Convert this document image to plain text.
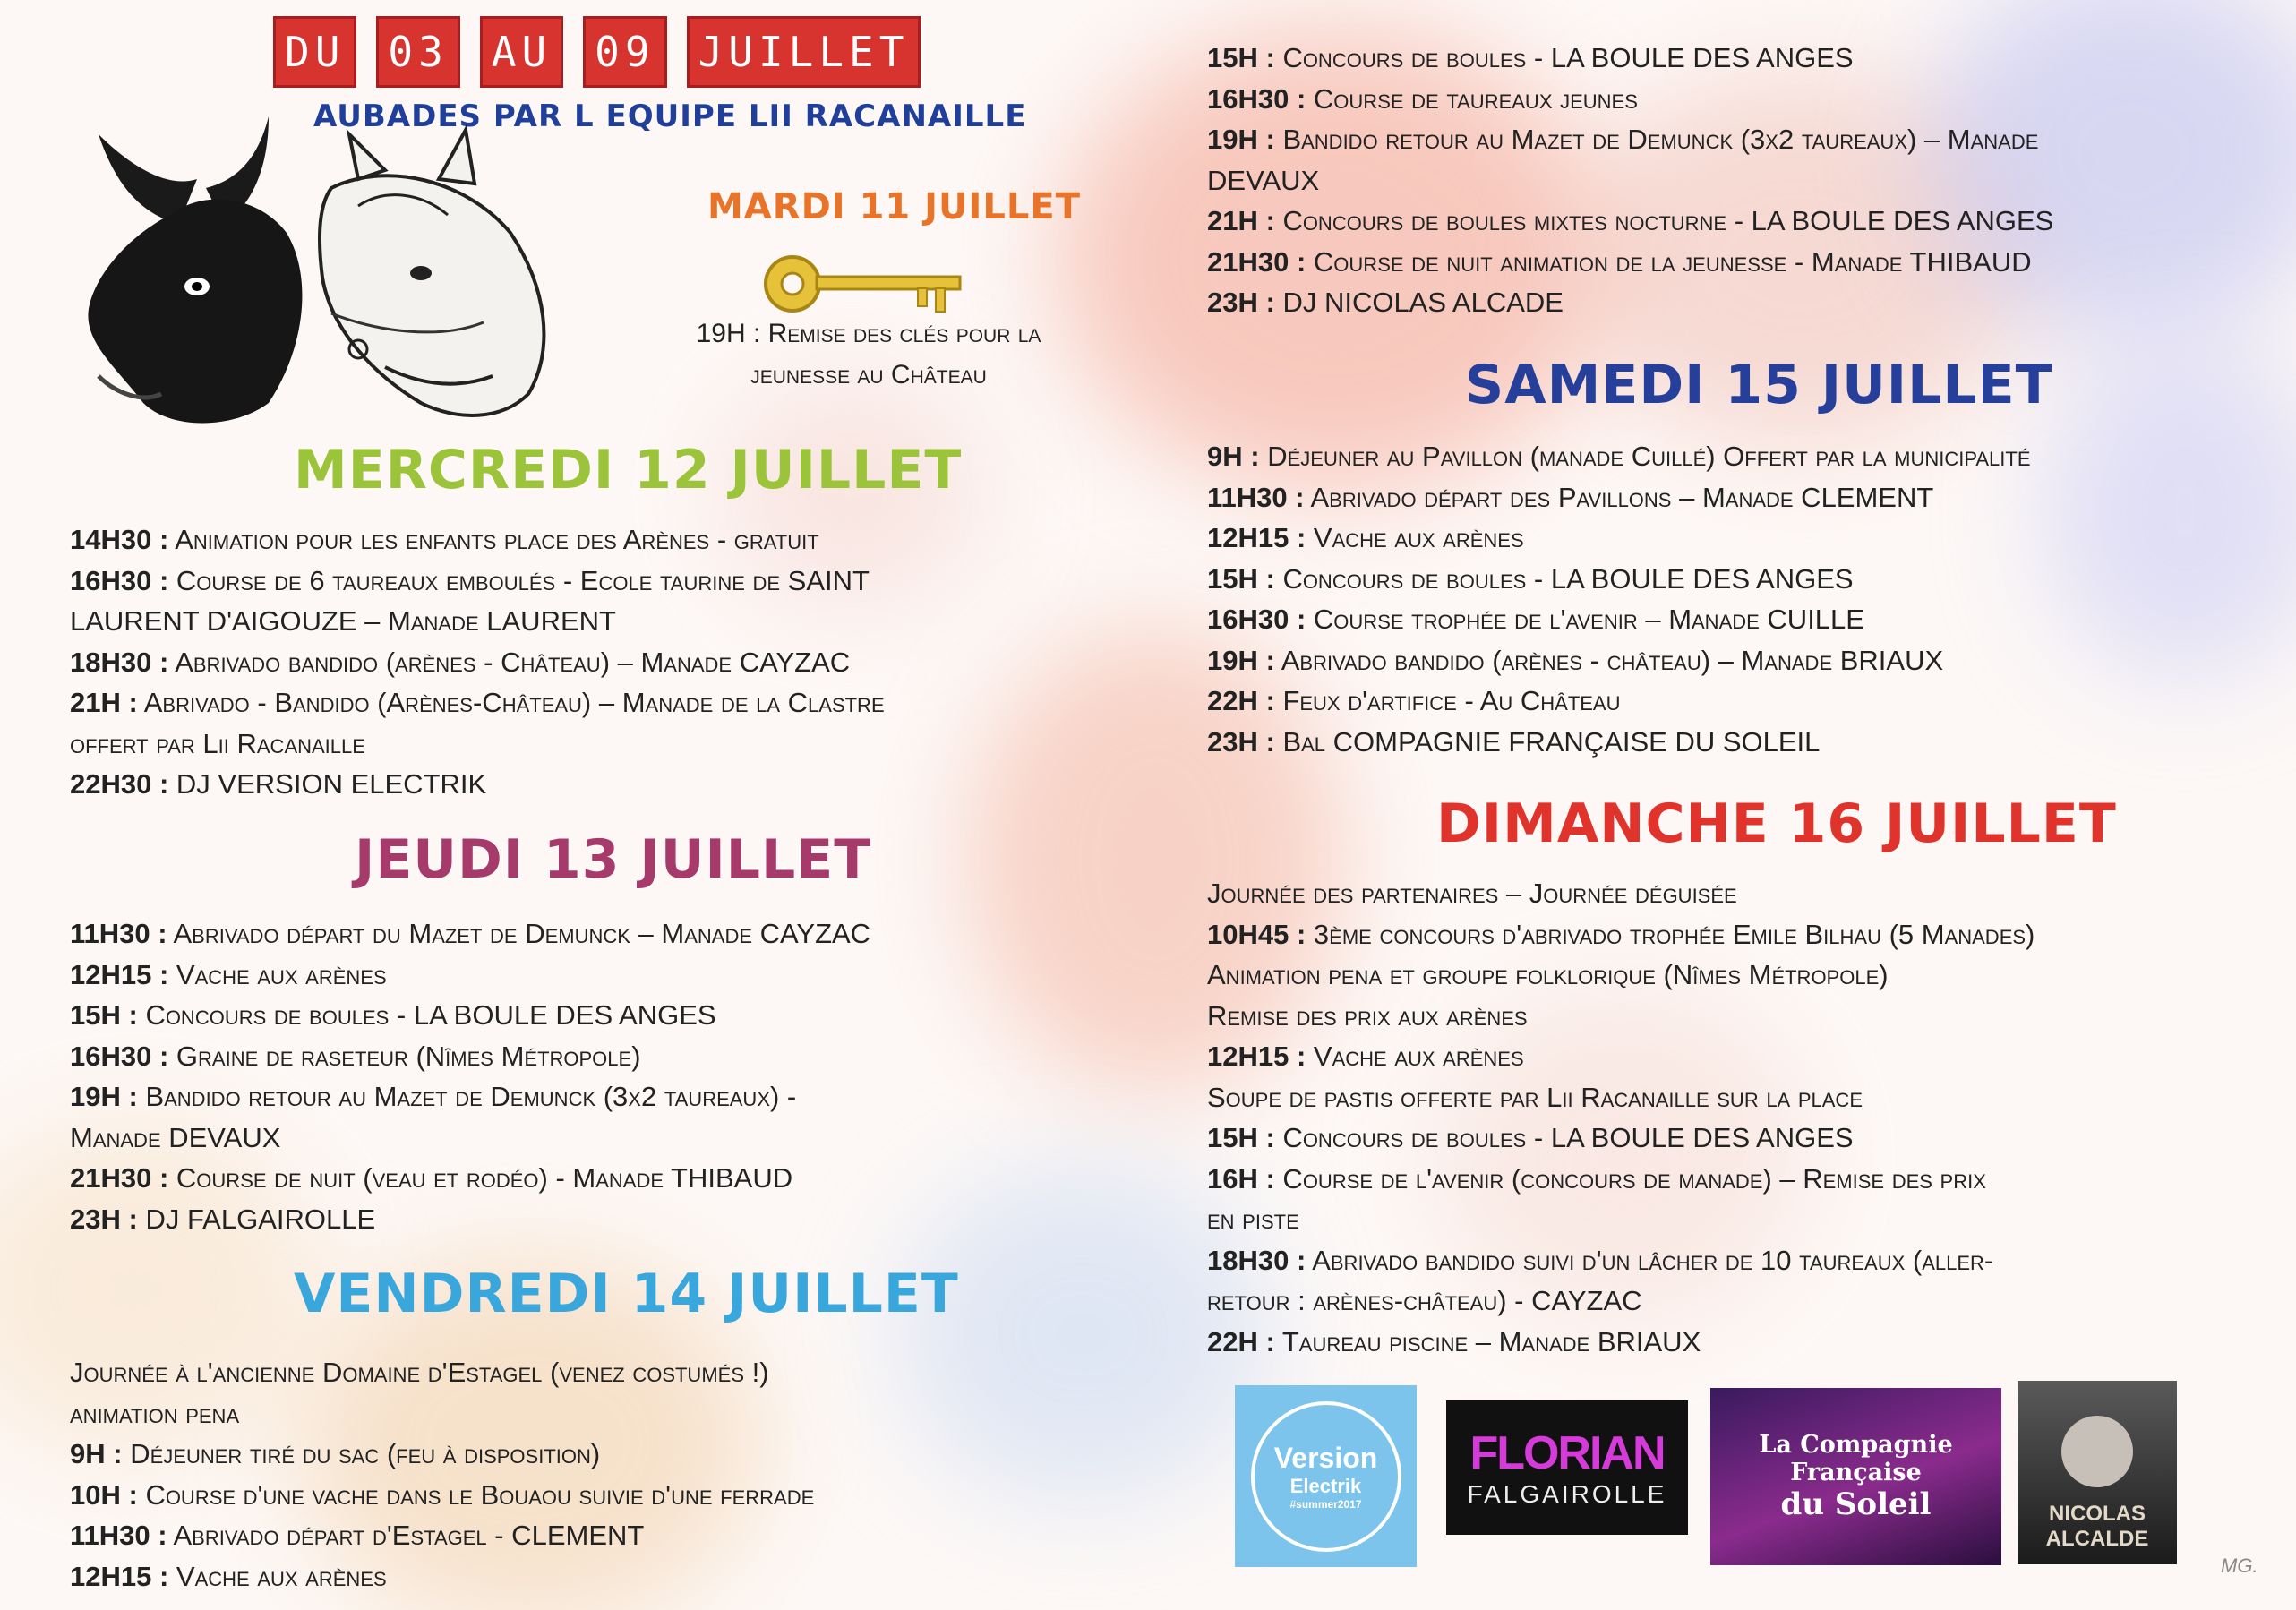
DU 03 AU 09 JUILLET
AUBADES PAR L EQUIPE LII RACANAILLE
MARDI 11 JUILLET
19H : Remise des clés pour la jeunesse au Château
MERCREDI 12 JUILLET
14H30 : Animation pour les enfants place des Arènes - gratuit
16H30 : Course de 6 taureaux emboulés - Ecole taurine de SAINT
LAURENT D'AIGOUZE – Manade LAURENT
18H30 : Abrivado bandido (arènes - Château) – Manade CAYZAC
21H : Abrivado - Bandido (Arènes-Château) – Manade de la Clastre
offert par Lii Racanaille
22H30 : DJ VERSION ELECTRIK
JEUDI 13 JUILLET
11H30 : Abrivado départ du Mazet de Demunck – Manade CAYZAC
12H15 : Vache aux arènes
15H : Concours de boules - LA BOULE DES ANGES
16H30 : Graine de raseteur (Nîmes Métropole)
19H : Bandido retour au Mazet de Demunck (3x2 taureaux) -
Manade DEVAUX
21H30 : Course de nuit (veau et rodéo) - Manade THIBAUD
23H : DJ FALGAIROLLE
VENDREDI 14 JUILLET
Journée à l'ancienne Domaine d'Estagel (venez costumés !)
animation pena
9H : Déjeuner tiré du sac (feu à disposition)
10H : Course d'une vache dans le Bouaou suivie d'une ferrade
11H30 : Abrivado départ d'Estagel - CLEMENT
12H15 : Vache aux arènes
15H : Concours de boules - LA BOULE DES ANGES
16H30 : Course de taureaux jeunes
19H : Bandido retour au Mazet de Demunck (3x2 taureaux) – Manade
DEVAUX
21H : Concours de boules mixtes nocturne - LA BOULE DES ANGES
21H30 : Course de nuit animation de la jeunesse - Manade THIBAUD
23H : DJ NICOLAS ALCADE
SAMEDI 15 JUILLET
9H : Déjeuner au Pavillon (manade Cuillé) Offert par la municipalité
11H30 : Abrivado départ des Pavillons – Manade CLEMENT
12H15 : Vache aux arènes
15H : Concours de boules - LA BOULE DES ANGES
16H30 : Course trophée de l'avenir – Manade CUILLE
19H : Abrivado bandido (arènes - château) – Manade BRIAUX
22H : Feux d'artifice - Au Château
23H : Bal COMPAGNIE FRANÇAISE DU SOLEIL
DIMANCHE 16 JUILLET
Journée des partenaires – Journée déguisée
10H45 : 3ème concours d'abrivado trophée Emile Bilhau (5 Manades)
Animation pena et groupe folklorique (Nîmes Métropole)
Remise des prix aux arènes
12H15 : Vache aux arènes
Soupe de pastis offerte par Lii Racanaille sur la place
15H : Concours de boules - LA BOULE DES ANGES
16H : Course de l'avenir (concours de manade) – Remise des prix
en piste
18H30 : Abrivado bandido suivi d'un lâcher de 10 taureaux (aller-
retour : arènes-château) - CAYZAC
22H : Taureau piscine – Manade BRIAUX
Version
Electrik
#summer2017
FLORIAN
FALGAIROLLE
La Compagnie Française
du Soleil	NICOLAS
ALCALDE
MG.
